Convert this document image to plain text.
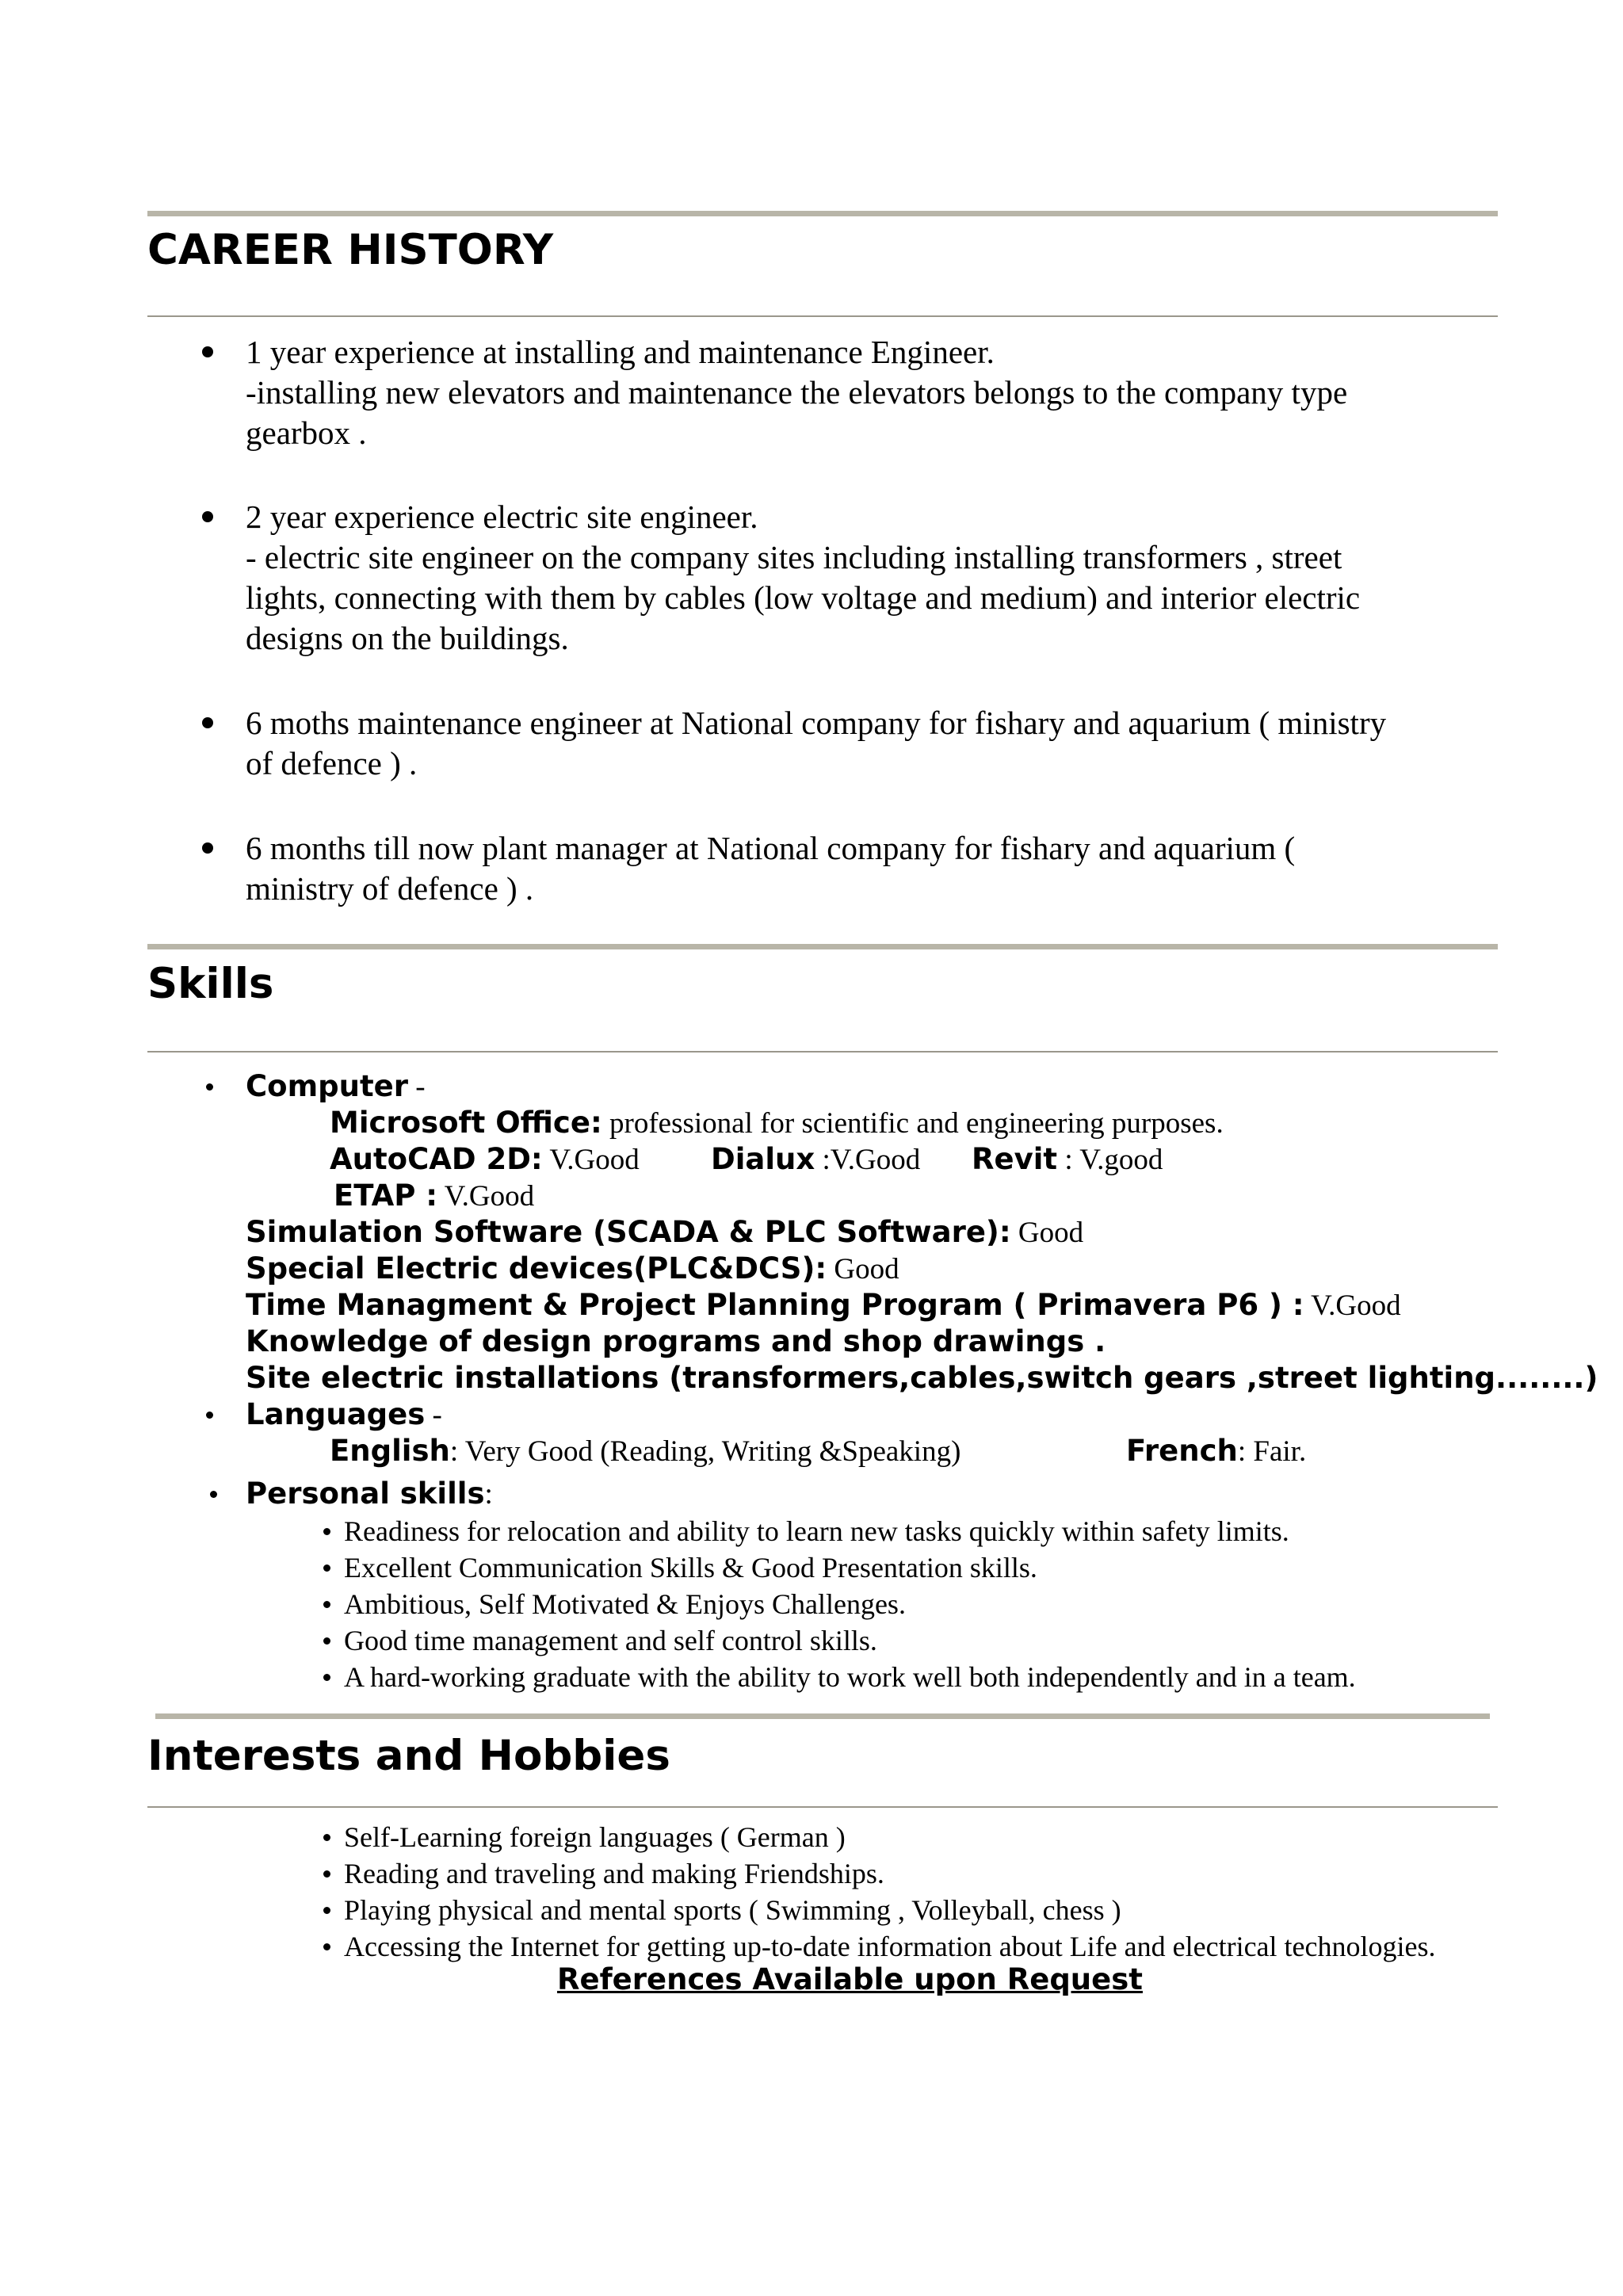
CAREER HISTORY
1 year experience at installing and maintenance Engineer.
-installing new elevators and maintenance the elevators belongs to the company type
gearbox .
2 year experience electric site engineer.
- electric site engineer on the company sites including installing transformers , street
lights, connecting with them by cables (low voltage and medium) and interior electric
designs on the buildings.
6 moths maintenance engineer at National company for fishary and aquarium ( ministry
of defence ) .
6 months till now plant manager at National company for fishary and aquarium (
ministry of defence ) .
Skills
Computer -
Microsoft Office: professional for scientific and engineering purposes.
AutoCAD 2D: V.Good Dialux :V.Good Revit : V.good
ETAP : V.Good
Simulation Software (SCADA & PLC Software): Good
Special Electric devices(PLC&DCS): Good
Time Managment & Project Planning Program ( Primavera P6 ) : V.Good
Knowledge of design programs and shop drawings .
Site electric installations (transformers,cables,switch gears ,street lighting........)
Languages -
English: Very Good (Reading, Writing &Speaking)	French: Fair.
Personal skills:
Readiness for relocation and ability to learn new tasks quickly within safety limits.
Excellent Communication Skills & Good Presentation skills.
Ambitious, Self Motivated & Enjoys Challenges.
Good time management and self control skills.
A hard-working graduate with the ability to work well both independently and in a team.
Interests and Hobbies
Self-Learning foreign languages ( German )
Reading and traveling and making Friendships.
Playing physical and mental sports ( Swimming , Volleyball, chess )
Accessing the Internet for getting up-to-date information about Life and electrical technologies.
References Available upon Request
